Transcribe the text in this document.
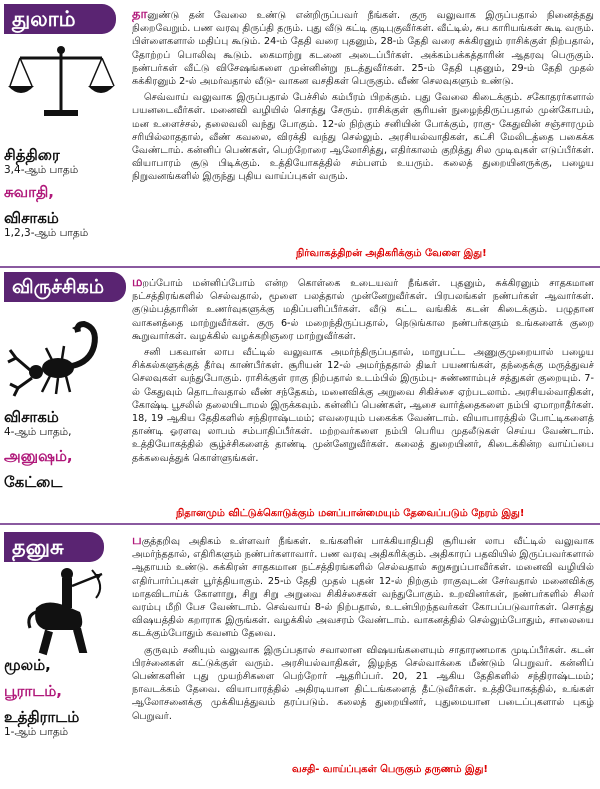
துலாம்
சித்திரை
3,4-ஆம் பாதம்
சுவாதி,
விசாகம்
1,2,3-ஆம் பாதம்

தானுண்டு தன் வேலை உண்டு என்றிருப்பவர் நீங்கள். குரு வலுவாக இருப்பதால் நினைத்தது நிறைவேறும். பண வரவு திருப்தி தரும். புது வீடு கட்டி குடிபுகுவீர்கள். வீட்டில், சுப காரியங்கள் கூடி வரும். பிள்ளைகளால் மதிப்பு கூடும். 24-ம் தேதி வரை புதனும், 28-ம் தேதி வரை சுக்கிரனும் ராசிக்குள் நிற்பதால், தோற்றப் பொலிவு கூடும். கைமாற்று கடனை அடைப்பீர்கள். அக்கம்பக்கத்தாரின் ஆதரவு பெருகும். நண்பர்கள் வீட்டு விசேஷங்களை முன்னின்று நடத்துவீர்கள். 25-ம் தேதி புதனும், 29-ம் தேதி முதல் சுக்கிரனும் 2-ல் அமர்வதால் வீடு- வாகன வசதிகள் பெருகும். வீண் செலவுகளும் உண்டு.

செவ்வாய் வலுவாக இருப்பதால் பேச்சில் கம்பீரம் பிறக்கும். புது வேலை கிடைக்கும். சகோதரர்களால் பயனடைவீர்கள். மனைவி வழியில் சொத்து சேரும். ராசிக்குள் சூரியன் நுழைந்திருப்பதால் முன்கோபம், மன உளைச்சல், தலைவலி வந்து போகும். 12-ல் நிற்கும் சனியின் போக்கும், ராகு- கேதுவின் சஞ்சாரமும் சரியில்லாததால், வீண் கவலை, விரக்தி வந்து செல்லும். அரசியல்வாதிகள், கட்சி மேலிடத்தை பகைக்க வேண்டாம். கன்னிப் பெண்கள், பெற்றோரை ஆலோசித்து, எதிர்காலம் குறித்து சில முடிவுகள் எடுப்பீர்கள். வியாபாரம் சூடு பிடிக்கும். உத்தியோகத்தில் சம்பளம் உயரும். கலைத் துறையினருக்கு, பழைய நிறுவனங்களில் இருந்து புதிய வாய்ப்புகள் வரும்.

நிர்வாகத்திறன் அதிகரிக்கும் வேளை இது!
விருச்சிகம்
விசாகம்
4-ஆம் பாதம்,
அனுஷம்,
கேட்டை

மறப்போம் மன்னிப்போம் என்ற கொள்கை உடையவர் நீங்கள். புதனும், சுக்கிரனும் சாதகமான நட்சத்திரங்களில் செல்வதால், மூளை பலத்தால் முன்னேறுவீர்கள். பிரபலங்கள் நண்பர்கள் ஆவார்கள். குடும்பத்தாரின் உணர்வுகளுக்கு மதிப்பளிப்பீர்கள். வீடு கட்ட வங்கிக் கடன் கிடைக்கும். பழுதான வாகனத்தை மாற்றுவீர்கள். குரு 6-ல் மறைந்திருப்பதால், நெடுங்கால நண்பர்களும் உங்களைக் குறை கூறுவார்கள். வழக்கில் வழக்கறிஞரை மாற்றுவீர்கள்.

சனி பகவான் லாப வீட்டில் வலுவாக அமர்ந்திருப்பதால், மாறுபட்ட அணுகுமுறையால் பழைய சிக்கல்களுக்குத் தீர்வு காண்பீர்கள். சூரியன் 12-ல் அமர்ந்ததால் திடீர் பயணங்கள், தந்தைக்கு மருத்துவச் செலவுகள் வந்துபோகும். ராசிக்குள் ராகு நிற்பதால் உடம்பில் இரும்பு- சுண்ணாம்புச் சத்துகள் குறையும். 7-ல் கேதுவும் தொடர்வதால் வீண் சந்தேகம், மனைவிக்கு அறுவை சிகிச்சை ஏற்படலாம். அரசியல்வாதிகள், கோஷ்டி பூசலில் தலையிடாமல் இருக்கவும். கன்னிப் பெண்கள், ஆசை வார்த்தைகளை நம்பி ஏமாறாதீர்கள். 18, 19 ஆகிய தேதிகளில் சந்திராஷ்டமம்; எவரையும் பகைக்க வேண்டாம். வியாபாரத்தில் போட்டிகளைத் தாண்டி ஓரளவு லாபம் சம்பாதிப்பீர்கள். மற்றவர்களை நம்பி பெரிய முதலீடுகள் செய்ய வேண்டாம். உத்தியோகத்தில் சூழ்ச்சிகளைத் தாண்டி முன்னேறுவீர்கள். கலைத் துறையினர், கிடைக்கின்ற வாய்ப்பை தக்கவைத்துக் கொள்ளுங்கள்.

நிதானமும் விட்டுக்கொடுக்கும் மனப்பான்மையும் தேவைப்படும் நேரம் இது!
தனுசு
மூலம்,
பூராடம்,
உத்திராடம்
1-ஆம் பாதம்

பகுத்தறிவு அதிகம் உள்ளவர் நீங்கள். உங்களின் பாக்கியாதிபதி சூரியன் லாப வீட்டில் வலுவாக அமர்ந்ததால், எதிரிகளும் நண்பர்களாவார். பண வரவு அதிகரிக்கும். அதிகாரப் பதவியில் இருப்பவர்களால் ஆதாயம் உண்டு. சுக்கிரன் சாதகமான நட்சத்திரங்களில் செல்வதால் சுறுசுறுப்பாவீர்கள். மனைவி வழியில் எதிர்பார்ப்புகள் பூர்த்தியாகும். 25-ம் தேதி முதல் புதன் 12-ல் நிற்கும் ராகுவுடன் சேர்வதால் மனைவிக்கு மாதவிடாய்க் கோளாறு, சிறு சிறு அறுவை சிகிச்சைகள் வந்துபோகும். உறவினர்கள், நண்பர்களில் சிலர் வரம்பு மீறி பேச வேண்டாம். செவ்வாய் 8-ல் நிற்பதால், உடன்பிறந்தவர்கள் கோபப்படுவார்கள். சொத்து விஷயத்தில் கறாராக இருங்கள். வழக்கில் அவசரம் வேண்டாம். வாகனத்தில் செல்லும்போதும், சாலையை கடக்கும்போதும் கவனம் தேவை.

குருவும் சனியும் வலுவாக இருப்பதால் சவாலான விஷயங்களையும் சாதாரணமாக முடிப்பீர்கள். கடன் பிரச்னைகள் கட்டுக்குள் வரும். அரசியல்வாதிகள், இழந்த செல்வாக்கை மீண்டும் பெறுவர். கன்னிப் பெண்களின் புது முயற்சிகளை பெற்றோர் ஆதரிப்பர். 20, 21 ஆகிய தேதிகளில் சந்திராஷ்டமம்; நாவடக்கம் தேவை. வியாபாரத்தில் அதிரடியான திட்டங்களைத் தீட்டுவீர்கள். உத்தியோகத்தில், உங்கள் ஆலோசனைக்கு முக்கியத்துவம் தரப்படும். கலைத் துறையினர், புதுமையான படைப்புகளால் புகழ் பெறுவர்.

வசதி- வாய்ப்புகள் பெருகும் தருணம் இது!
